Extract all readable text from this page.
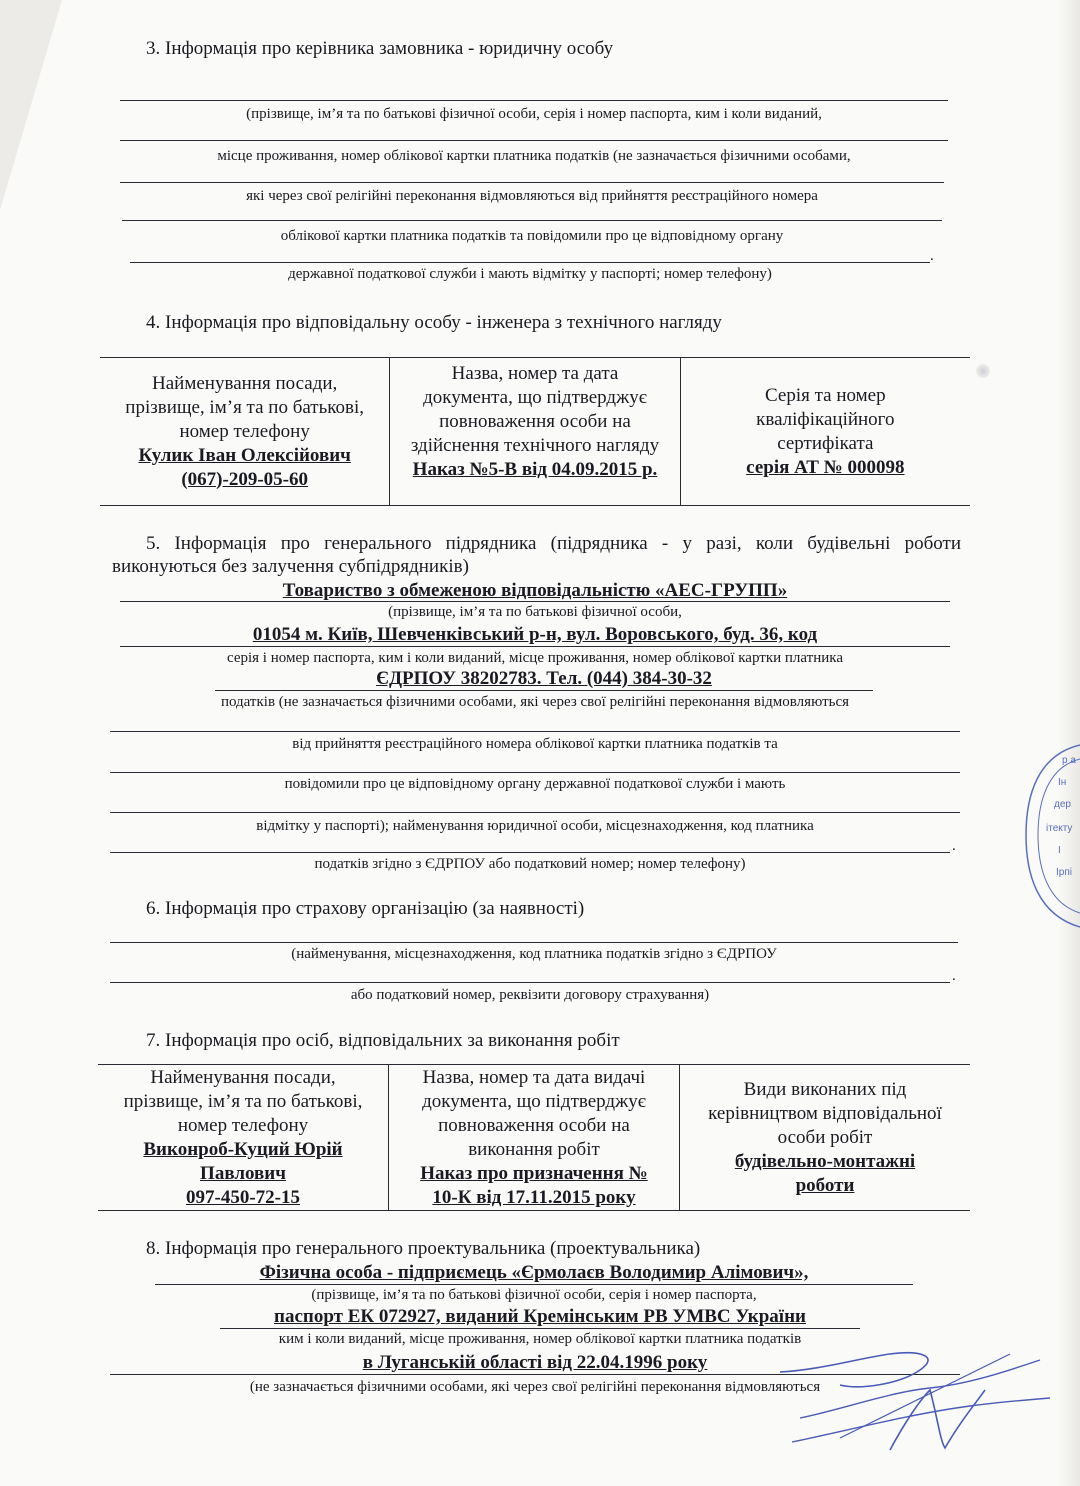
3. Інформація про керівника замовника - юридичну особу
(прізвище, ім’я та по батькові фізичної особи, серія і номер паспорта, ким і коли виданий,
місце проживання, номер облікової картки платника податків (не зазначається фізичними особами,
які через свої релігійні переконання відмовляються від прийняття реєстраційного номера
облікової картки платника податків та повідомили про це відповідному органу
.
державної податкової служби і мають відмітку у паспорті; номер телефону)
4. Інформація про відповідальну особу - інженера з технічного нагляду
Найменування посади,
прізвище, ім’я та по батькові,
номер телефону
Кулик Іван Олексійович
(067)-209-05-60
Назва, номер та дата
документа, що підтверджує
повноваження особи на
здійснення технічного нагляду
Наказ №5-В від 04.09.2015 р.
Серія та номер
кваліфікаційного
сертифіката
серія АТ № 000098
5. Інформація про генерального підрядника (підрядника - у разі, коли будівельні роботи
виконуються без залучення субпідрядників)
Товариство з обмеженою відповідальністю «АЕС-ГРУПП»
(прізвище, ім’я та по батькові фізичної особи,
01054 м. Київ, Шевченківський р-н, вул. Воровського, буд. 36, код
серія і номер паспорта, ким і коли виданий, місце проживання, номер облікової картки платника
ЄДРПОУ 38202783. Тел. (044) 384-30-32
податків (не зазначається фізичними особами, які через свої релігійні переконання відмовляються
від прийняття реєстраційного номера облікової картки платника податків та
повідомили про це відповідному органу державної податкової служби і мають
відмітку у паспорті); найменування юридичної особи, місцезнаходження, код платника
.
податків згідно з ЄДРПОУ або податковий номер; номер телефону)
6. Інформація про страхову організацію (за наявності)
(найменування, місцезнаходження, код платника податків згідно з ЄДРПОУ
.
або податковий номер, реквізити договору страхування)
7. Інформація про осіб, відповідальних за виконання робіт
Найменування посади,
прізвище, ім’я та по батькові,
номер телефону
Виконроб-Куций Юрій
Павлович
097-450-72-15
Назва, номер та дата видачі
документа, що підтверджує
повноваження особи на
виконання робіт
Наказ про призначення №
10-К від 17.11.2015 року
Види виконаних під
керівництвом відповідальної
особи робіт
будівельно-монтажні
роботи
8. Інформація про генерального проектувальника (проектувальника)
Фізична особа - підприємець «Єрмолаєв Володимир Алімович»,
(прізвище, ім’я та по батькові фізичної особи, серія і номер паспорта,
паспорт ЕК 072927, виданий Кремінським РВ УМВС України
ким і коли виданий, місце проживання, номер облікової картки платника податків
в Луганській області від 22.04.1996 року
(не зазначається фізичними особами, які через свої релігійні переконання відмовляються
р а
Ін
дер
ітекту
І
Ірпі
